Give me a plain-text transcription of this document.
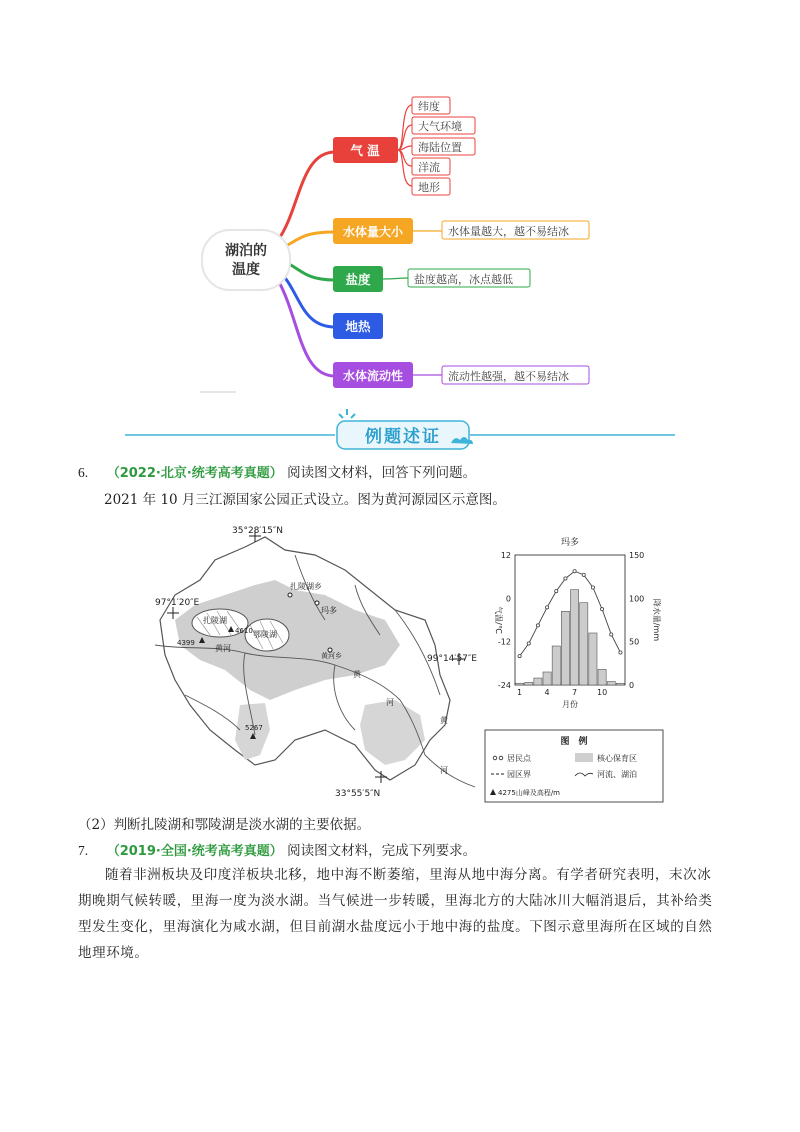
湖泊的
温度
气 温
纬度
大气环境
海陆位置
洋流
地形
水体量大小	水体量越大，越不易结冰
盐度	盐度越高，冰点越低
地热
水体流动性	流动性越强，越不易结冰
例题述证
6. （2022·北京·统考高考真题） 阅读图文材料，回答下列问题。
2021 年 10 月三江源国家公园正式设立。图为黄河源园区示意图。
35°28′15″N
97°1′20″E
99°14′57″E
33°55′5″N
扎陵湖乡
玛多
扎陵湖
鄂陵湖
4610
4399
5267
黄河
黄
河
黄
河
黄河乡
玛多
月份
气温/℃	降水量/mm
12
0
-12
-24
150
100
50
0
1	4	7 10
图　例
居民点	核心保育区
园区界	河流、湖泊
4275山峰及高程/m
（2）判断扎陵湖和鄂陵湖是淡水湖的主要依据。
7. （2019·全国·统考高考真题） 阅读图文材料，完成下列要求。
随着非洲板块及印度洋板块北移，地中海不断萎缩，里海从地中海分离。有学者研究表明，末次冰期晚期气候转暖，里海一度为淡水湖。当气候进一步转暖，里海北方的大陆冰川大幅消退后，其补给类型发生变化，里海演化为咸水湖，但目前湖水盐度远小于地中海的盐度。下图示意里海所在区域的自然地理环境。
